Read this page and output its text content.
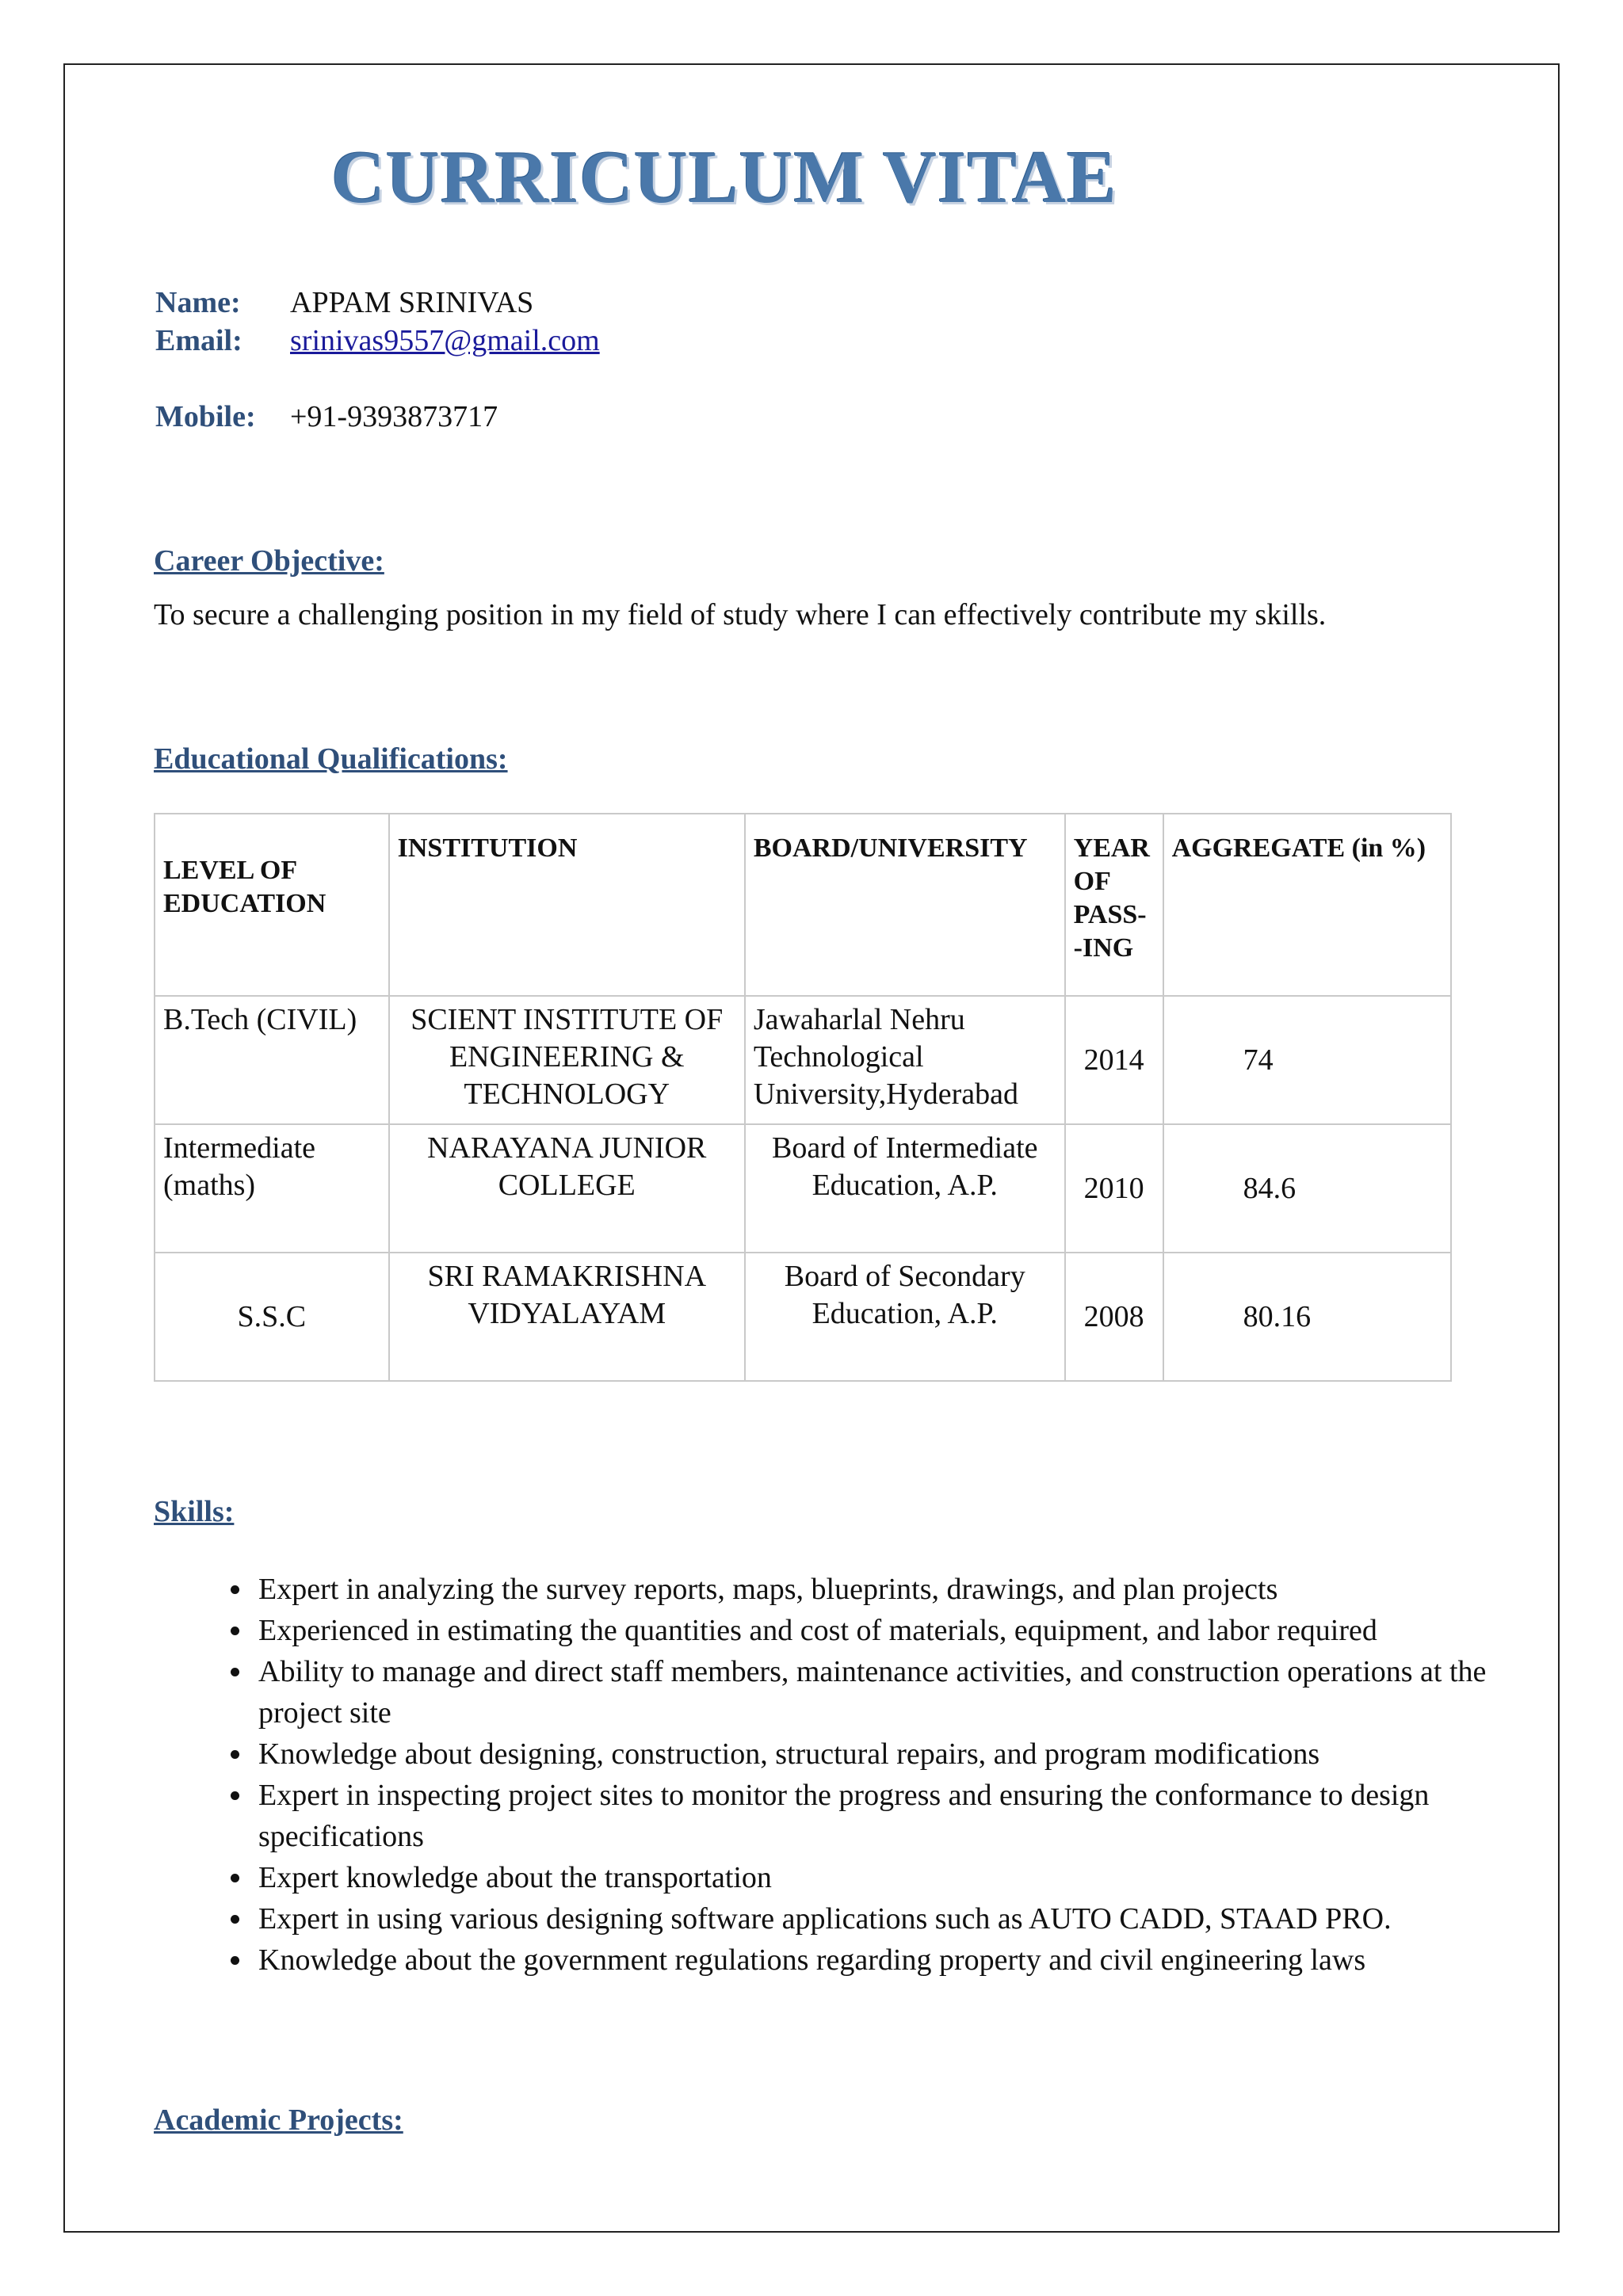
CURRICULUM VITAE
Name: APPAM SRINIVAS
Email: srinivas9557@gmail.com
Mobile: +91-9393873717
Career Objective:

To secure a challenging position in my field of study where I can effectively contribute my skills.

Educational Qualifications:
LEVEL OF EDUCATION	INSTITUTION	BOARD/UNIVERSITY	YEAR OF PASS--ING	AGGREGATE (in %)
B.Tech (CIVIL)	SCIENT INSTITUTE OF ENGINEERING & TECHNOLOGY	Jawaharlal Nehru Technological University,Hyderabad	2014	74
Intermediate (maths)	NARAYANA JUNIOR COLLEGE	Board of Intermediate Education, A.P.	2010	84.6
S.S.C	SRI RAMAKRISHNA VIDYALAYAM	Board of Secondary Education, A.P.	2008	80.16
Skills:
• Expert in analyzing the survey reports, maps, blueprints, drawings, and plan projects
• Experienced in estimating the quantities and cost of materials, equipment, and labor required
• Ability to manage and direct staff members, maintenance activities, and construction operations at the project site
• Knowledge about designing, construction, structural repairs, and program modifications
• Expert in inspecting project sites to monitor the progress and ensuring the conformance to design specifications
• Expert knowledge about the transportation
• Expert in using various designing software applications such as AUTO CADD, STAAD PRO.
• Knowledge about the government regulations regarding property and civil engineering laws
Academic Projects:
